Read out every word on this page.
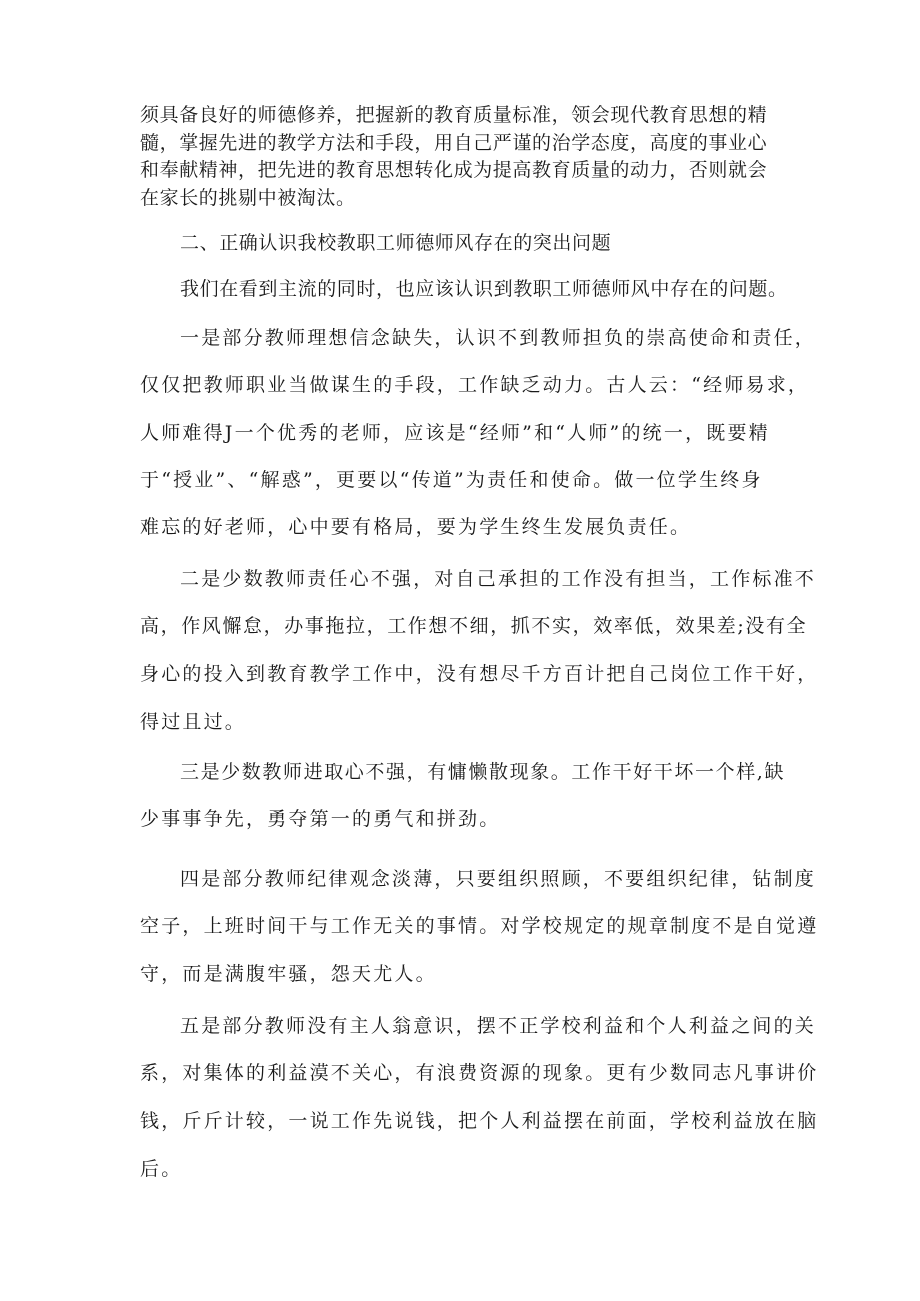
须具备良好的师德修养，把握新的教育质量标准，领会现代教育思想的精
髓，掌握先进的教学方法和手段，用自己严谨的治学态度，高度的事业心
和奉献精神，把先进的教育思想转化成为提高教育质量的动力，否则就会
在家长的挑剔中被淘汰。
二、正确认识我校教职工师德师风存在的突出问题
我们在看到主流的同时，也应该认识到教职工师德师风中存在的问题。
一是部分教师理想信念缺失，认识不到教师担负的崇高使命和责任，
仅仅把教师职业当做谋生的手段，工作缺乏动力。古人云：“经师易求，
人师难得J一个优秀的老师，应该是“经师”和“人师”的统一，既要精
于“授业”、“解惑”，更要以“传道”为责任和使命。做一位学生终身
难忘的好老师，心中要有格局，要为学生终生发展负责任。
二是少数教师责任心不强，对自己承担的工作没有担当，工作标准不
高，作风懈怠，办事拖拉，工作想不细，抓不实，效率低，效果差;没有全
身心的投入到教育教学工作中，没有想尽千方百计把自己岗位工作干好，
得过且过。
三是少数教师进取心不强，有慵懒散现象。工作干好干坏一个样,缺
少事事争先，勇夺第一的勇气和拼劲。
四是部分教师纪律观念淡薄，只要组织照顾，不要组织纪律，钻制度
空子，上班时间干与工作无关的事情。对学校规定的规章制度不是自觉遵
守，而是满腹牢骚，怨天尤人。
五是部分教师没有主人翁意识，摆不正学校利益和个人利益之间的关
系，对集体的利益漠不关心，有浪费资源的现象。更有少数同志凡事讲价
钱，斤斤计较，一说工作先说钱，把个人利益摆在前面，学校利益放在脑
后。
